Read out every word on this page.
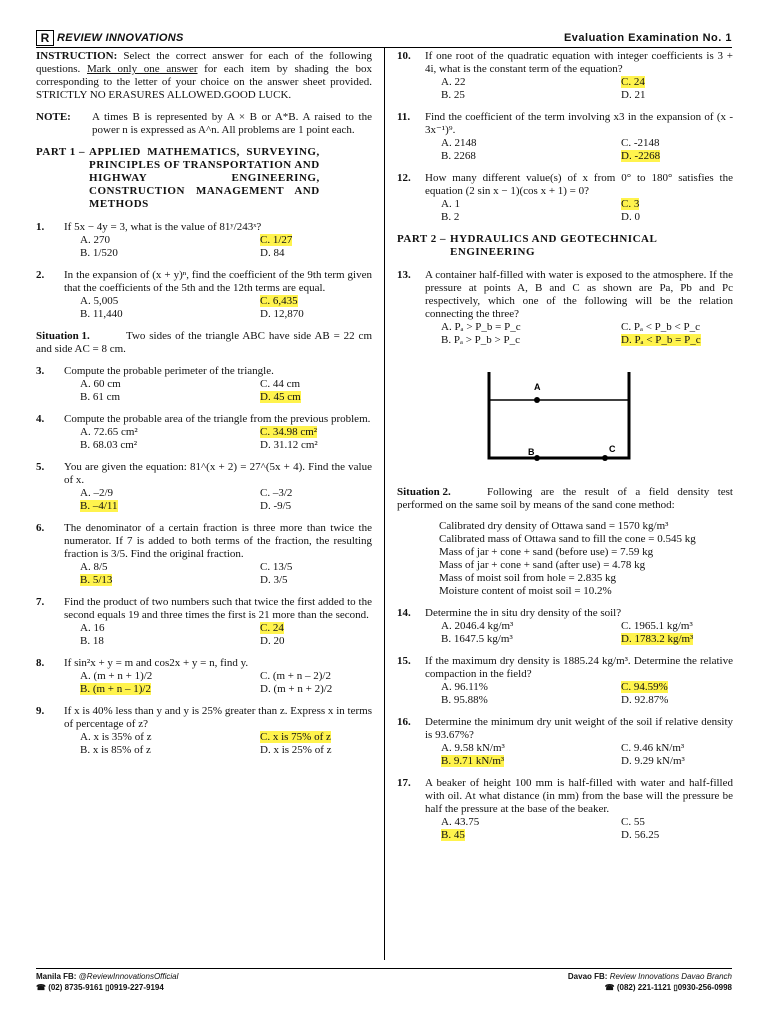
R REVIEW INNOVATIONS	Evaluation Examination No. 1
INSTRUCTION: Select the correct answer for each of the following questions. Mark only one answer for each item by shading the box corresponding to the letter of your choice on the answer sheet provided. STRICTLY NO ERASURES ALLOWED.GOOD LUCK.
NOTE:	A times B is represented by A × B or A*B. A raised to the power n is expressed as A^n. All problems are 1 point each.
PART 1 – APPLIED MATHEMATICS, SURVEYING,
PRINCIPLES OF TRANSPORTATION AND
HIGHWAY ENGINEERING,
CONSTRUCTION MANAGEMENT AND
METHODS
1.	If 5x − 4y = 3, what is the value of 81ʸ/243ˣ?
A. 270	C. 1/27
B. 1/520	D. 84
2.	In the expansion of (x + y)ⁿ, find the coefficient of the 9th term given that the coefficients of the 5th and the 12th terms are equal.
A. 5,005	C. 6,435
B. 11,440	D. 12,870
Situation 1.	Two sides of the triangle ABC have side AB = 22 cm and side AC = 8 cm.
3.	Compute the probable perimeter of the triangle.
A. 60 cm	C. 44 cm
B. 61 cm	D. 45 cm
4.	Compute the probable area of the triangle from the previous problem.
A. 72.65 cm²	C. 34.98 cm²
B. 68.03 cm²	D. 31.12 cm²
5.	You are given the equation: 81^(x + 2) = 27^(5x + 4). Find the value of x.
A. –2/9	C. –3/2
B. –4/11	D. -9/5
6.	The denominator of a certain fraction is three more than twice the numerator. If 7 is added to both terms of the fraction, the resulting fraction is 3/5. Find the original fraction.
A. 8/5	C. 13/5
B. 5/13	D. 3/5
7.	Find the product of two numbers such that twice the first added to the second equals 19 and three times the first is 21 more than the second.
A. 16	C. 24
B. 18	D. 20
8.	If sin²x + y = m and cos2x + y = n, find y.
A. (m + n + 1)/2	C. (m + n – 2)/2
B. (m + n – 1)/2	D. (m + n + 2)/2
9.	If x is 40% less than y and y is 25% greater than z. Express x in terms of percentage of z?
A. x is 35% of z	C. x is 75% of z
B. x is 85% of z	D. x is 25% of z
10.	If one root of the quadratic equation with integer coefficients is 3 + 4i, what is the constant term of the equation?
A. 22	C. 24
B. 25	D. 21
11.	Find the coefficient of the term involving x3 in the expansion of (x - 3x⁻¹)⁹.
A. 2148	C. -2148
B. 2268	D. -2268
12.	How many different value(s) of x from 0° to 180° satisfies the equation (2 sin x − 1)(cos x + 1) = 0?
A. 1	C. 3
B. 2	D. 0
PART 2 – HYDRAULICS AND GEOTECHNICAL
ENGINEERING
13.	A container half-filled with water is exposed to the atmosphere. If the pressure at points A, B and C as shown are Pa, Pb and Pc respectively, which one of the following will be the relation connecting the three?
A. Pₐ > P_b = P_c	C. Pₐ < P_b < P_c
B. Pₐ > P_b > P_c	D. Pₐ < P_b = P_c
A
B	C
Situation 2.	Following are the result of a field density test performed on the same soil by means of the sand cone method:
Calibrated dry density of Ottawa sand = 1570 kg/m³
Calibrated mass of Ottawa sand to fill the cone = 0.545 kg
Mass of jar + cone + sand (before use) = 7.59 kg
Mass of jar + cone + sand (after use) = 4.78 kg
Mass of moist soil from hole = 2.835 kg
Moisture content of moist soil = 10.2%
14.	Determine the in situ dry density of the soil?
A. 2046.4 kg/m³	C. 1965.1 kg/m³
B. 1647.5 kg/m³	D. 1783.2 kg/m³
15.	If the maximum dry density is 1885.24 kg/m³. Determine the relative compaction in the field?
A. 96.11%	C. 94.59%
B. 95.88%	D. 92.87%
16.	Determine the minimum dry unit weight of the soil if relative density is 93.67%?
A. 9.58 kN/m³	C. 9.46 kN/m³
B. 9.71 kN/m³	D. 9.29 kN/m³
17.	A beaker of height 100 mm is half-filled with water and half-filled with oil. At what distance (in mm) from the base will the pressure be half the pressure at the base of the beaker.
A. 43.75	C. 55
B. 45	D. 56.25
Manila FB: @ReviewInnovationsOfficial
☎ (02) 8735-9161 ▯0919-227-9194
Davao FB: Review Innovations Davao Branch
☎ (082) 221-1121 ▯0930-256-0998
